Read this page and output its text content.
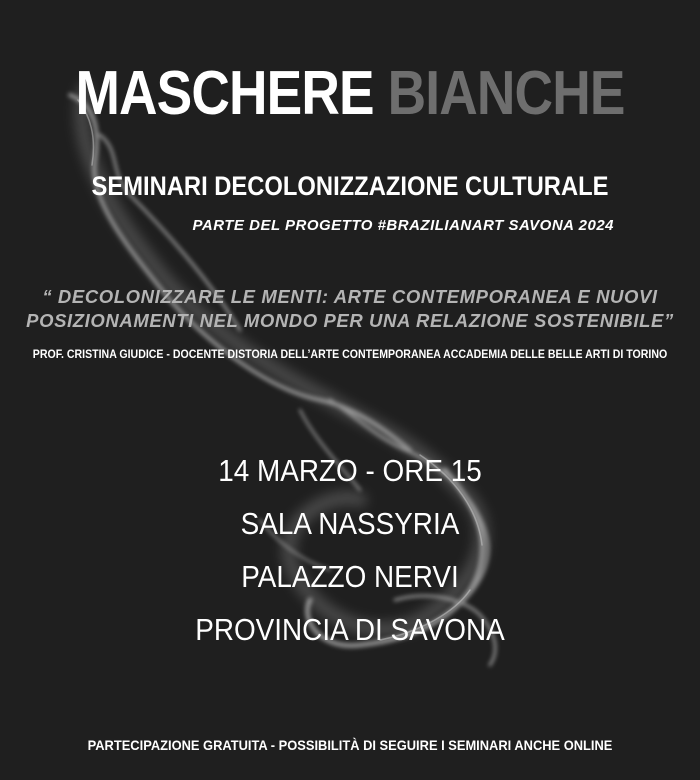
MASCHERE BIANCHE
SEMINARI DECOLONIZZAZIONE CULTURALE
PARTE DEL PROGETTO #BRAZILIANART SAVONA 2024
“ DECOLONIZZARE LE MENTI: ARTE CONTEMPORANEA E NUOVI
POSIZIONAMENTI NEL MONDO PER UNA RELAZIONE SOSTENIBILE”
PROF. CRISTINA GIUDICE - DOCENTE DISTORIA DELL’ARTE CONTEMPORANEA ACCADEMIA DELLE BELLE ARTI DI TORINO
14 MARZO - ORE 15
SALA NASSYRIA
PALAZZO NERVI
PROVINCIA DI SAVONA
PARTECIPAZIONE GRATUITA - POSSIBILITÀ DI SEGUIRE I SEMINARI ANCHE ONLINE
